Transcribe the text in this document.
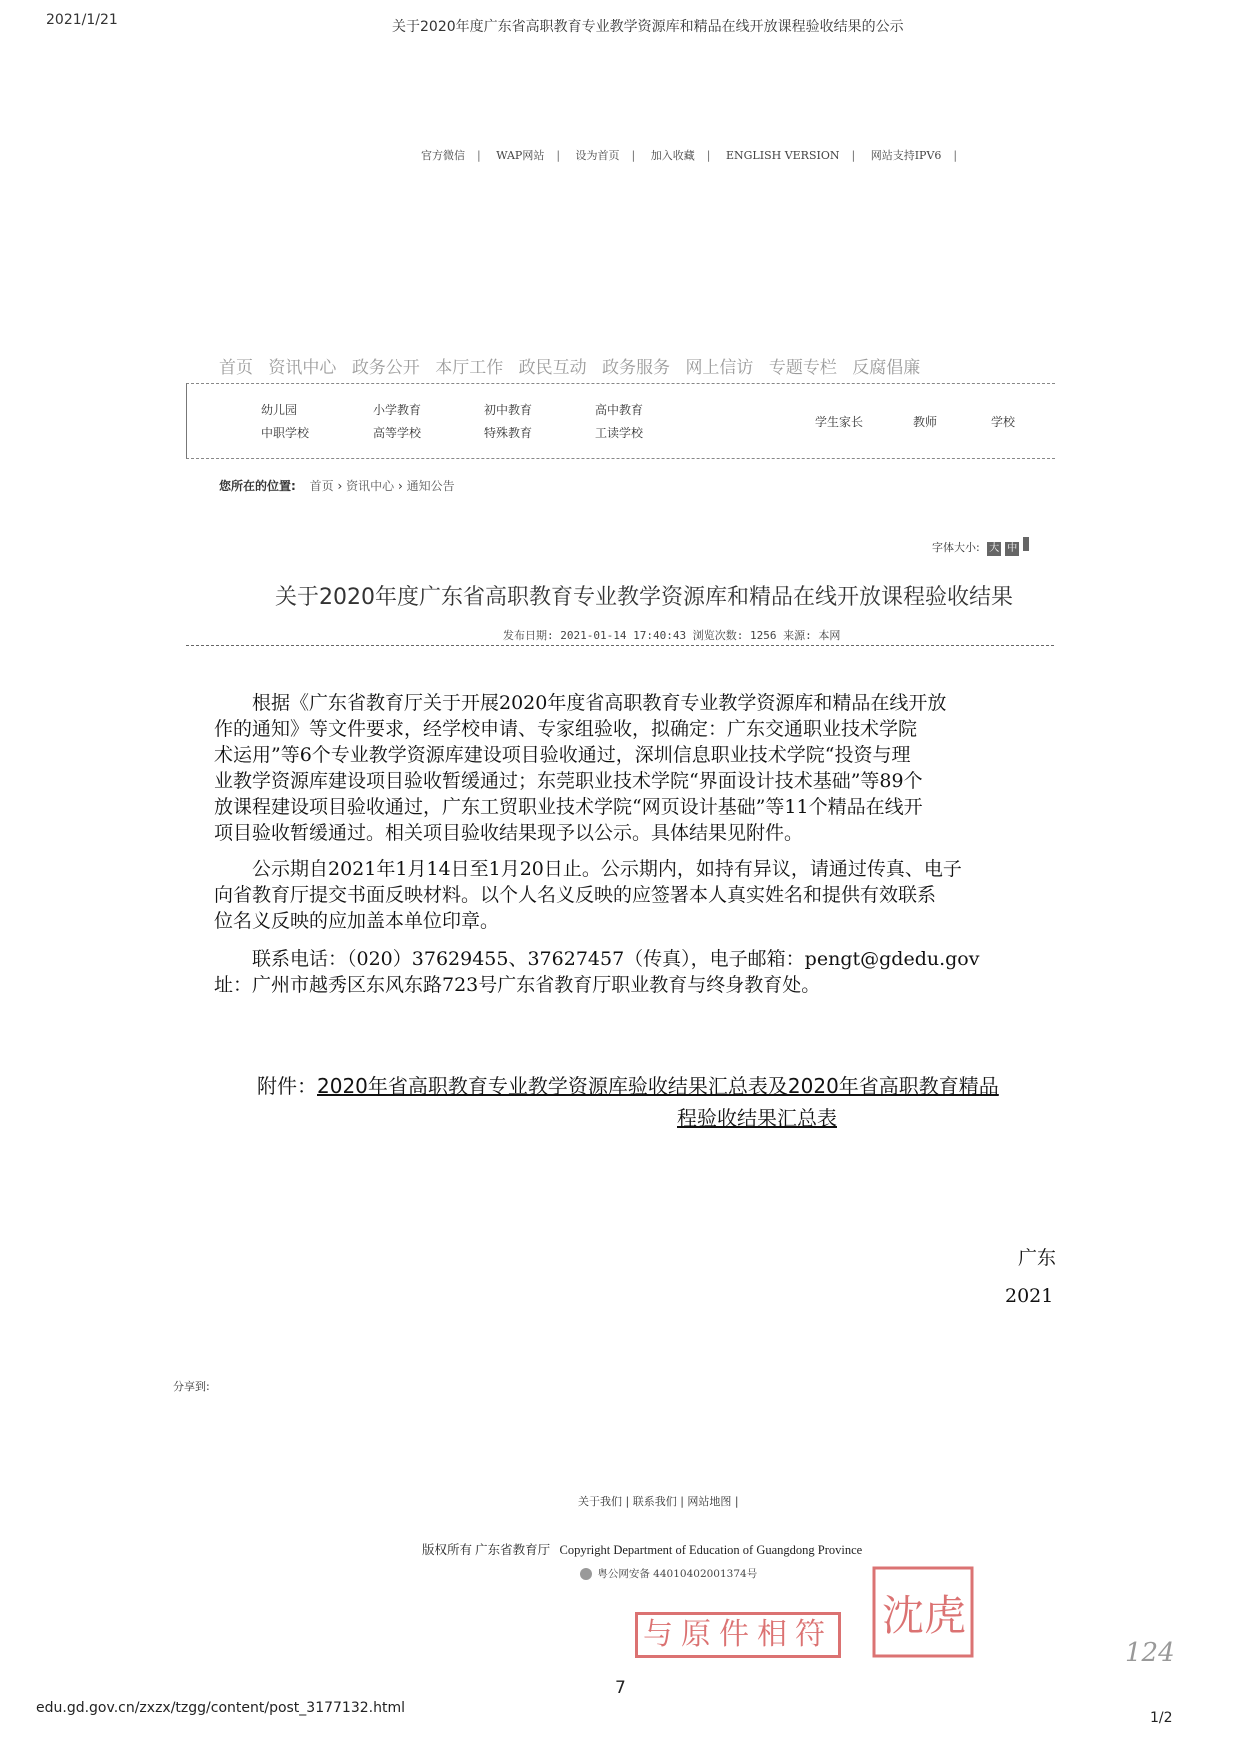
2021/1/21	关于2020年度广东省高职教育专业教学资源库和精品在线开放课程验收结果的公示
官方微信 | WAP网站 | 设为首页 | 加入收藏 | ENGLISH VERSION | 网站支持IPV6 |
首页 资讯中心 政务公开 本厅工作 政民互动 政务服务 网上信访 专题专栏 反腐倡廉
幼儿园	小学教育	初中教育	高中教育
中职学校	高等学校	特殊教育	工读学校
学生家长	教师	学校
您所在的位置: 首页 › 资讯中心 › 通知公告
字体大小: 大 中
关于2020年度广东省高职教育专业教学资源库和精品在线开放课程验收结果
发布日期: 2021-01-14 17:40:43 浏览次数: 1256 来源: 本网

　　根据《广东省教育厅关于开展2020年度省高职教育专业教学资源库和精品在线开放

作的通知》等文件要求，经学校申请、专家组验收，拟确定：广东交通职业技术学院

术运用”等6个专业教学资源库建设项目验收通过，深圳信息职业技术学院“投资与理

业教学资源库建设项目验收暂缓通过；东莞职业技术学院“界面设计技术基础”等89个

放课程建设项目验收通过，广东工贸职业技术学院“网页设计基础”等11个精品在线开

项目验收暂缓通过。相关项目验收结果现予以公示。具体结果见附件。

　　公示期自2021年1月14日至1月20日止。公示期内，如持有异议，请通过传真、电子

向省教育厅提交书面反映材料。以个人名义反映的应签署本人真实姓名和提供有效联系

位名义反映的应加盖本单位印章。

　　联系电话：（020）37629455、37627457（传真），电子邮箱：pengt@gdedu.gov

址：广州市越秀区东风东路723号广东省教育厅职业教育与终身教育处。

附件：2020年省高职教育专业教学资源库验收结果汇总表及2020年省高职教育精品
程验收结果汇总表
广东
2021
分享到:
关于我们 | 联系我们 | 网站地图 |
版权所有 广东省教育厅 Copyright Department of Education of Guangdong Province
粤公网安备 44010402001374号
与原件相符 沈虎
124
7
edu.gd.gov.cn/zxzx/tzgg/content/post_3177132.html
1/2
